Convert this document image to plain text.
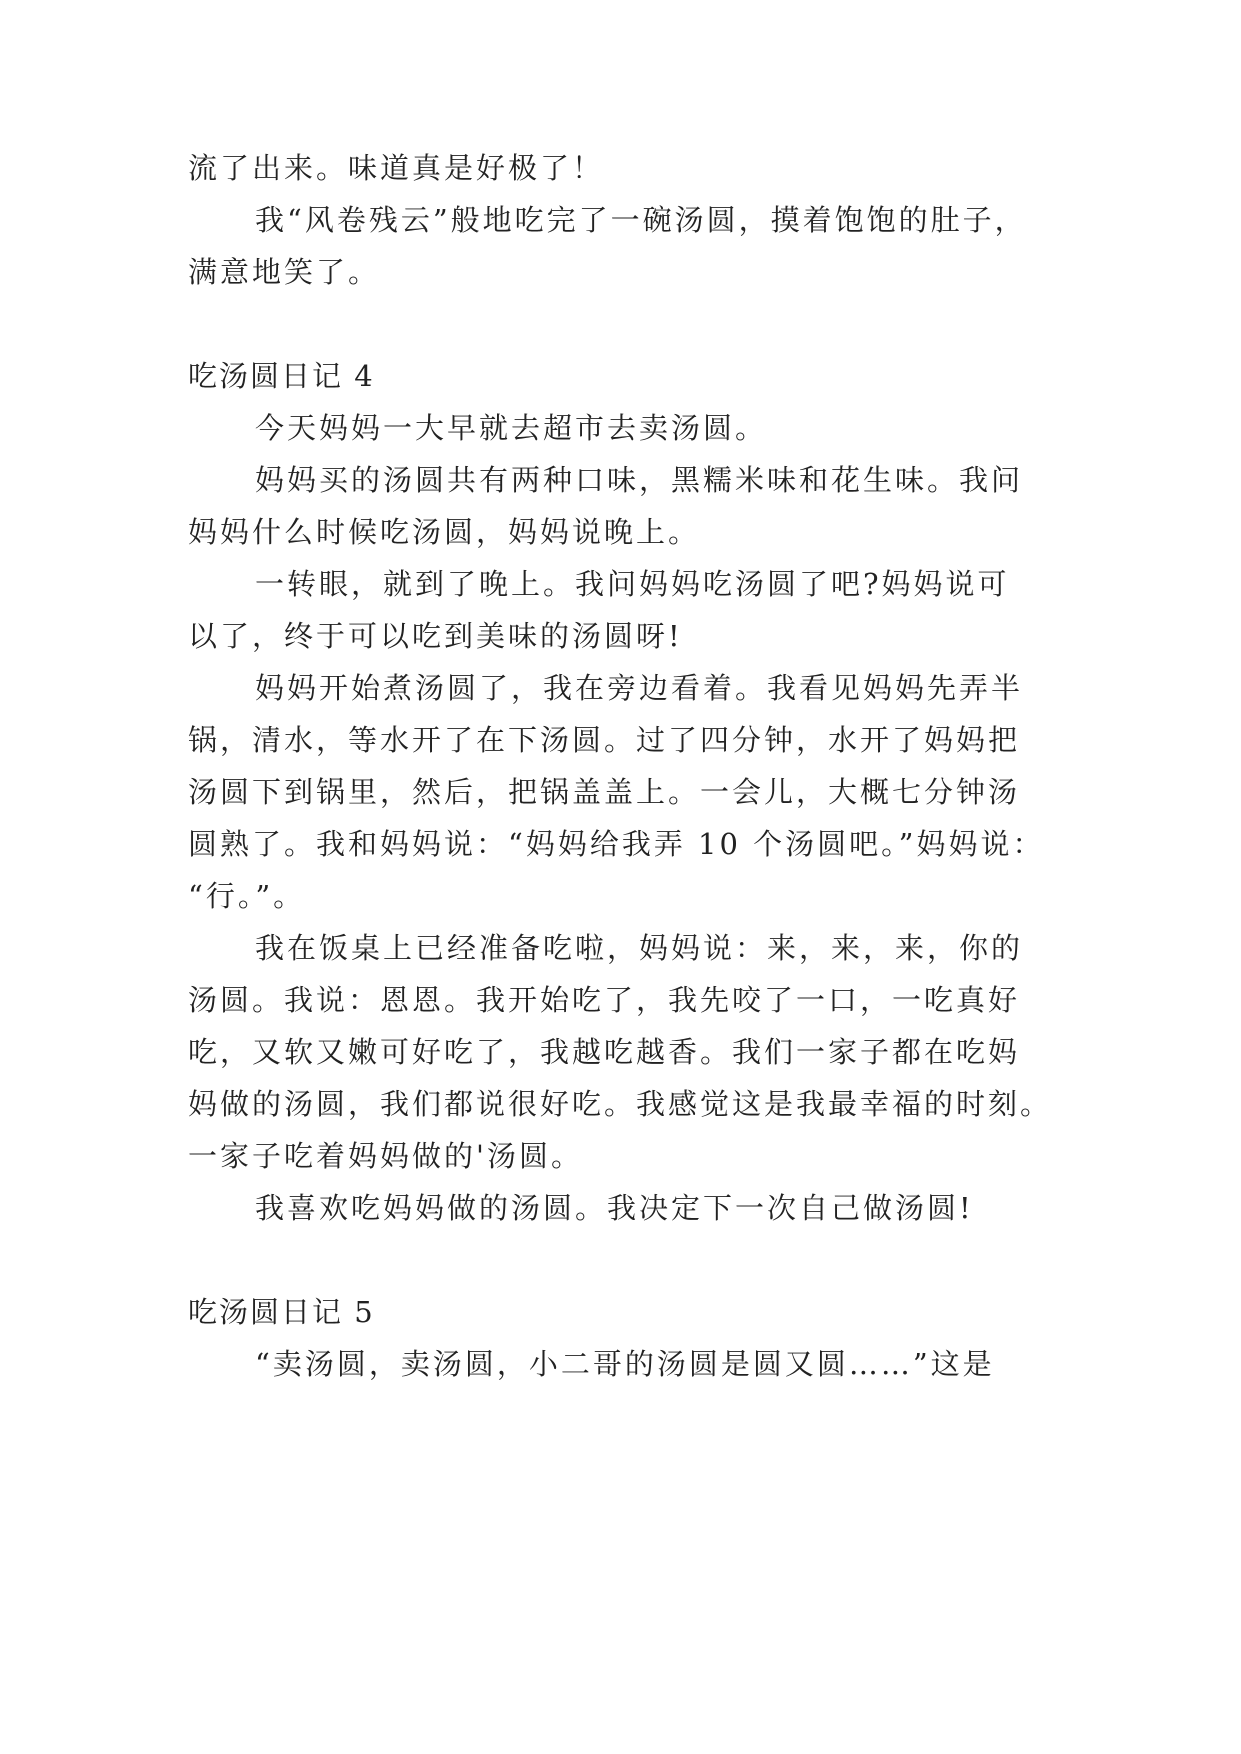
流了出来。味道真是好极了！
我“风卷残云”般地吃完了一碗汤圆，摸着饱饱的肚子，
满意地笑了。
吃汤圆日记 4
今天妈妈一大早就去超市去卖汤圆。
妈妈买的汤圆共有两种口味，黑糯米味和花生味。我问
妈妈什么时候吃汤圆，妈妈说晚上。
一转眼，就到了晚上。我问妈妈吃汤圆了吧?妈妈说可
以了，终于可以吃到美味的汤圆呀!
妈妈开始煮汤圆了，我在旁边看着。我看见妈妈先弄半
锅，清水，等水开了在下汤圆。过了四分钟，水开了妈妈把
汤圆下到锅里，然后，把锅盖盖上。一会儿，大概七分钟汤
圆熟了。我和妈妈说：“妈妈给我弄 10 个汤圆吧。”妈妈说：
“行。”。
我在饭桌上已经准备吃啦，妈妈说：来，来，来，你的
汤圆。我说：恩恩。我开始吃了，我先咬了一口，一吃真好
吃，又软又嫩可好吃了，我越吃越香。我们一家子都在吃妈
妈做的汤圆，我们都说很好吃。我感觉这是我最幸福的时刻。
一家子吃着妈妈做的'汤圆。
我喜欢吃妈妈做的汤圆。我决定下一次自己做汤圆!
吃汤圆日记 5
“卖汤圆，卖汤圆，小二哥的汤圆是圆又圆……”这是
